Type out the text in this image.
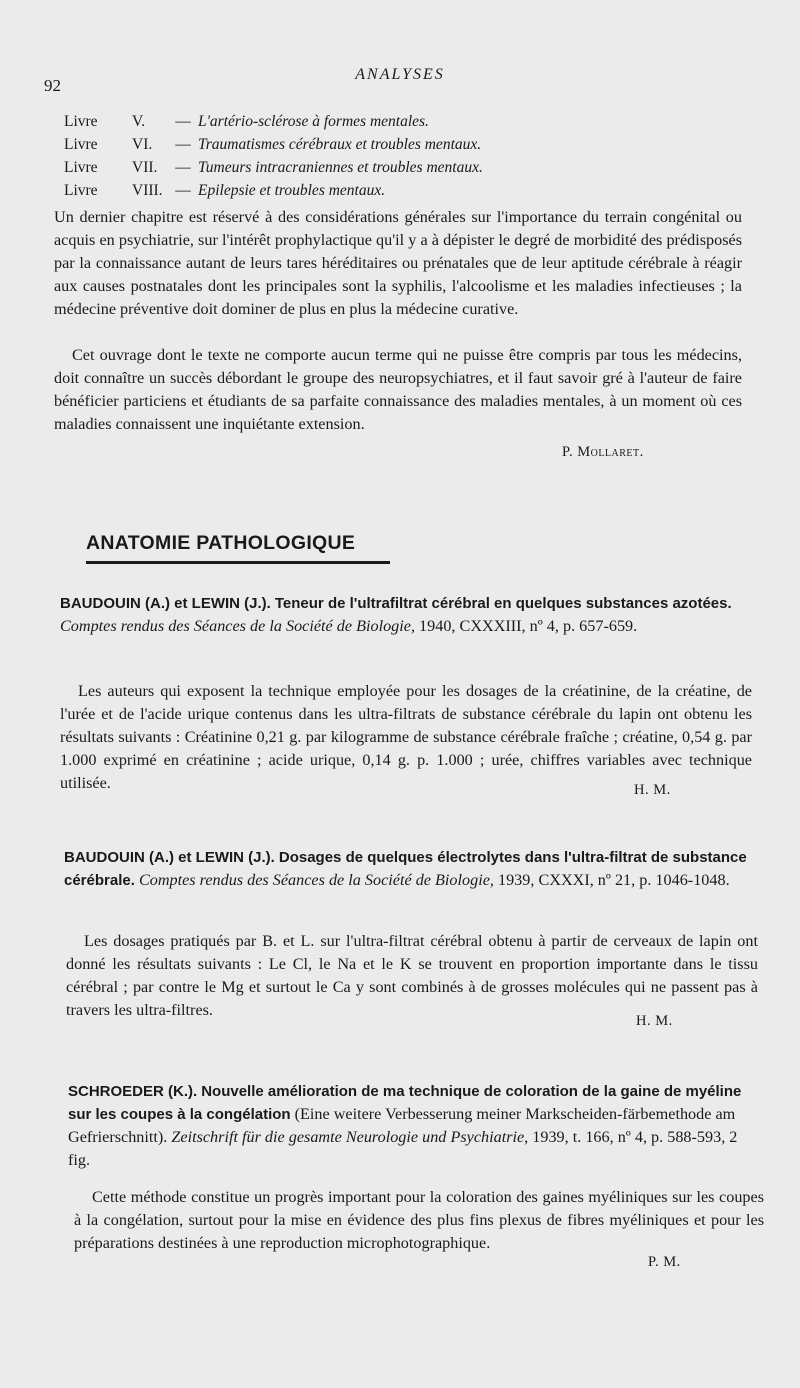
92
ANALYSES
Livre	V.	— L'artério-sclérose à formes mentales.
Livre	VI.	— Traumatismes cérébraux et troubles mentaux.
Livre	VII.	— Tumeurs intracraniennes et troubles mentaux.
Livre	VIII. — Epilepsie et troubles mentaux.

Un dernier chapitre est réservé à des considérations générales sur l'importance du terrain congénital ou acquis en psychiatrie, sur l'intérêt prophylactique qu'il y a à dépister le degré de morbidité des prédisposés par la connaissance autant de leurs tares héréditaires ou prénatales que de leur aptitude cérébrale à réagir aux causes postnatales dont les principales sont la syphilis, l'alcoolisme et les maladies infectieuses ; la médecine préventive doit dominer de plus en plus la médecine curative.

Cet ouvrage dont le texte ne comporte aucun terme qui ne puisse être compris par tous les médecins, doit connaître un succès débordant le groupe des neuropsychiatres, et il faut savoir gré à l'auteur de faire bénéficier particiens et étudiants de sa parfaite connaissance des maladies mentales, à un moment où ces maladies connaissent une inquiétante extension.

P. Mollaret.
ANATOMIE PATHOLOGIQUE

BAUDOUIN (A.) et LEWIN (J.). Teneur de l'ultrafiltrat cérébral en quelques substances azotées. Comptes rendus des Séances de la Société de Biologie, 1940, CXXXIII, nº 4, p. 657-659.

Les auteurs qui exposent la technique employée pour les dosages de la créatinine, de la créatine, de l'urée et de l'acide urique contenus dans les ultra-filtrats de substance cérébrale du lapin ont obtenu les résultats suivants : Créatinine 0,21 g. par kilogramme de substance cérébrale fraîche ; créatine, 0,54 g. par 1.000 exprimé en créatinine ; acide urique, 0,14 g. p. 1.000 ; urée, chiffres variables avec technique utilisée.	H. M.

BAUDOUIN (A.) et LEWIN (J.). Dosages de quelques électrolytes dans l'ultra-filtrat de substance cérébrale. Comptes rendus des Séances de la Société de Biologie, 1939, CXXXI, nº 21, p. 1046-1048.

Les dosages pratiqués par B. et L. sur l'ultra-filtrat cérébral obtenu à partir de cerveaux de lapin ont donné les résultats suivants : Le Cl, le Na et le K se trouvent en proportion importante dans le tissu cérébral ; par contre le Mg et surtout le Ca y sont combinés à de grosses molécules qui ne passent pas à travers les ultra-filtres.

H. M.

SCHROEDER (K.). Nouvelle amélioration de ma technique de coloration de la gaine de myéline sur les coupes à la congélation (Eine weitere Verbesserung meiner Markscheiden-färbemethode am Gefrierschnitt). Zeitschrift für die gesamte Neurologie und Psychiatrie, 1939, t. 166, nº 4, p. 588-593, 2 fig.

Cette méthode constitue un progrès important pour la coloration des gaines myéliniques sur les coupes à la congélation, surtout pour la mise en évidence des plus fins plexus de fibres myéliniques et pour les préparations destinées à une reproduction microphotographique.

P. M.
